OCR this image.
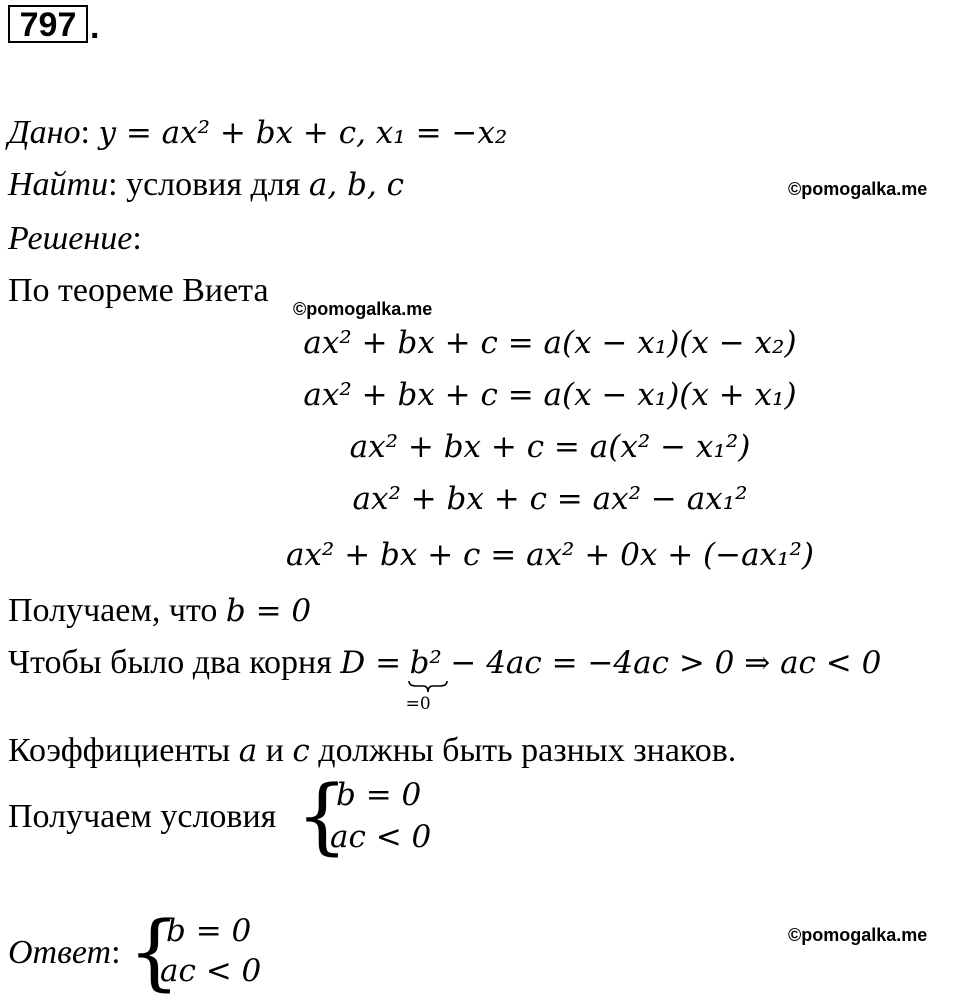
797 .
Дано: y = ax² + bx + c, x₁ = −x₂
Найти: условия для a, b, c	©pomogalka.me
Решение:
По теореме Виета ©pomogalka.me
ax² + bx + c = a(x − x₁)(x − x₂)
ax² + bx + c = a(x − x₁)(x + x₁)
ax² + bx + c = a(x² − x₁²)
ax² + bx + c = ax² − ax₁²
ax² + bx + c = ax² + 0x + (−ax₁²)
Получаем, что b = 0
Чтобы было два корня D = b²
=0
− 4ac = −4ac > 0 ⇒ ac < 0
Коэффициенты a и c должны быть разных знаков.
Получаем условия {
b = 0
ac < 0
Ответ: {
b = 0
ac < 0
©pomogalka.me
